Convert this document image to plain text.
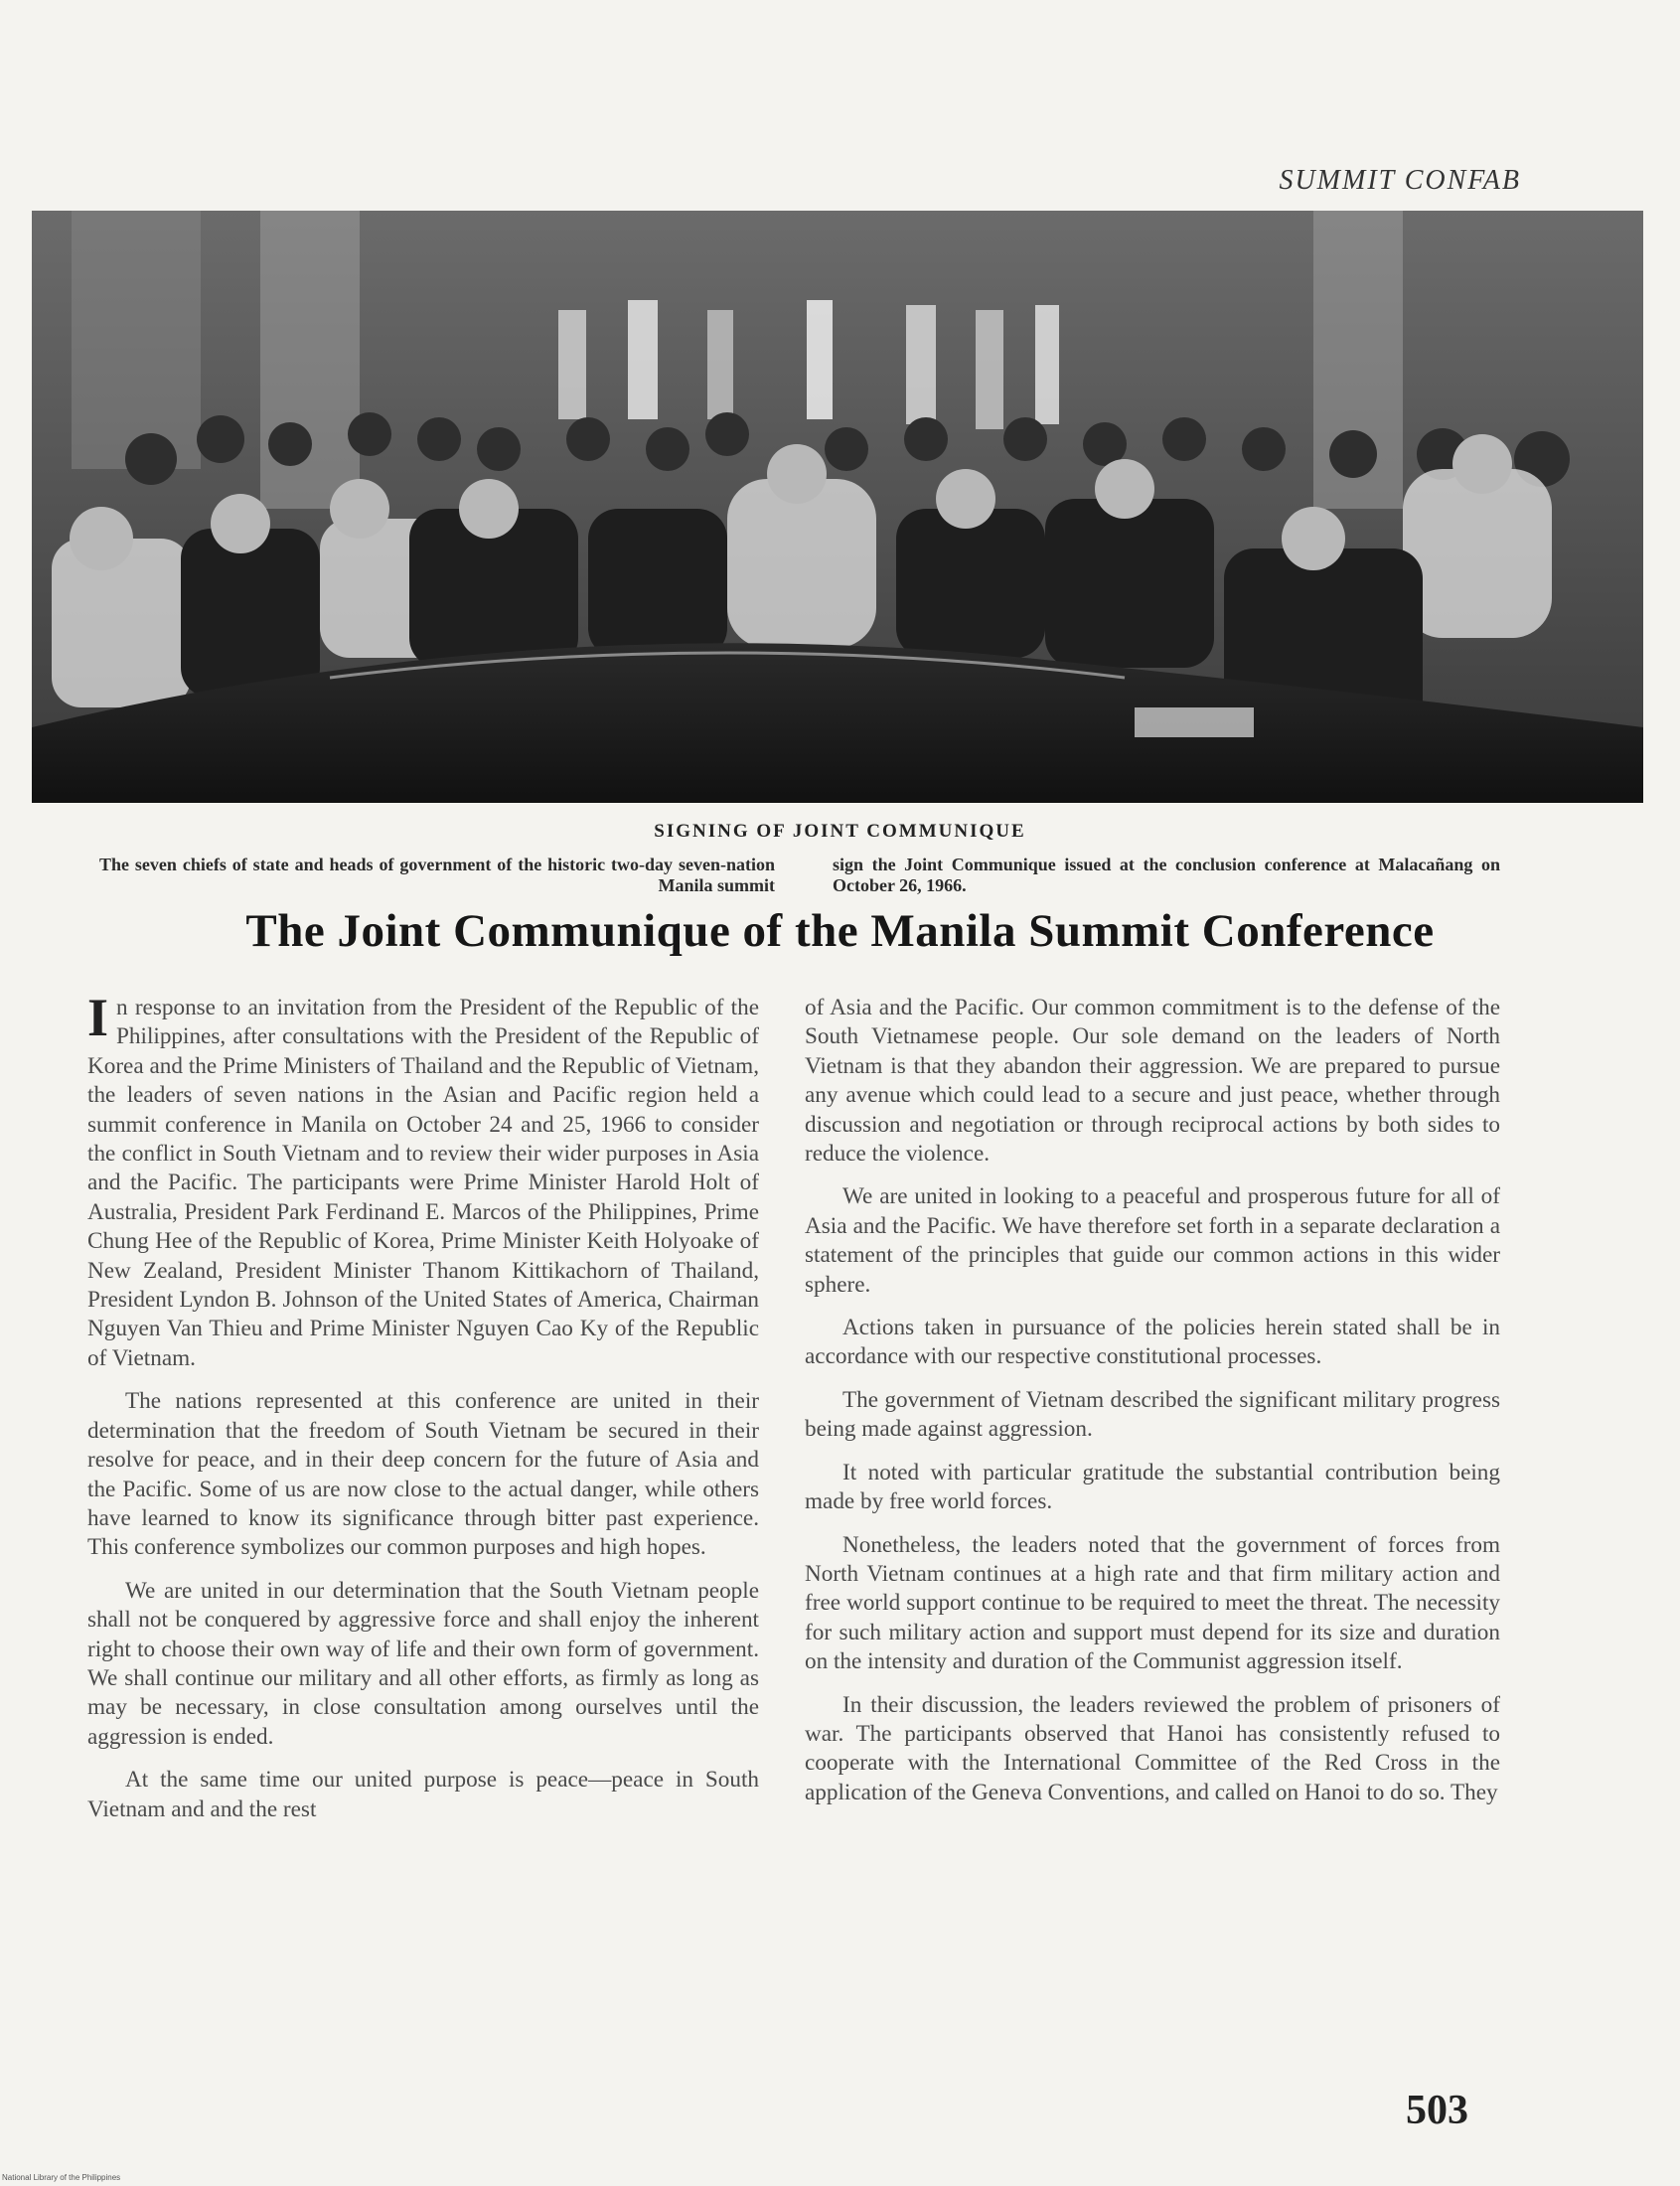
SUMMIT CONFAB
SIGNING OF JOINT COMMUNIQUE
The seven chiefs of state and heads of government of the historic two-day seven-nation Manila summit
sign the Joint Communique issued at the conclusion conference at Malacañang on October 26, 1966.
The Joint Communique of the Manila Summit Conference

In response to an invitation from the President of the Republic of the Philippines, after consultations with the President of the Republic of Korea and the Prime Ministers of Thailand and the Republic of Vietnam, the leaders of seven nations in the Asian and Pacific region held a summit conference in Manila on October 24 and 25, 1966 to consider the conflict in South Vietnam and to review their wider purposes in Asia and the Pacific. The participants were Prime Minister Harold Holt of Australia, President Park Ferdinand E. Marcos of the Philippines, Prime Chung Hee of the Republic of Korea, Prime Minister Keith Holyoake of New Zealand, President Minister Thanom Kittikachorn of Thailand, President Lyndon B. Johnson of the United States of America, Chairman Nguyen Van Thieu and Prime Minister Nguyen Cao Ky of the Republic of Vietnam.

The nations represented at this conference are united in their determination that the freedom of South Vietnam be secured in their resolve for peace, and in their deep concern for the future of Asia and the Pacific. Some of us are now close to the actual danger, while others have learned to know its significance through bitter past experience. This conference symbolizes our common purposes and high hopes.

We are united in our determination that the South Vietnam people shall not be conquered by aggressive force and shall enjoy the inherent right to choose their own way of life and their own form of government. We shall continue our military and all other efforts, as firmly as long as may be necessary, in close consultation among ourselves until the aggression is ended.

At the same time our united purpose is peace—peace in South Vietnam and and the rest

of Asia and the Pacific. Our common commitment is to the defense of the South Vietnamese people. Our sole demand on the leaders of North Vietnam is that they abandon their aggression. We are prepared to pursue any avenue which could lead to a secure and just peace, whether through discussion and negotiation or through reciprocal actions by both sides to reduce the violence.

We are united in looking to a peaceful and prosperous future for all of Asia and the Pacific. We have therefore set forth in a separate declaration a statement of the principles that guide our common actions in this wider sphere.

Actions taken in pursuance of the policies herein stated shall be in accordance with our respective constitutional processes.

The government of Vietnam described the significant military progress being made against aggression.

It noted with particular gratitude the substantial contribution being made by free world forces.

Nonetheless, the leaders noted that the government of forces from North Vietnam continues at a high rate and that firm military action and free world support continue to be required to meet the threat. The necessity for such military action and support must depend for its size and duration on the intensity and duration of the Communist aggression itself.

In their discussion, the leaders reviewed the problem of prisoners of war. The participants observed that Hanoi has consistently refused to cooperate with the International Committee of the Red Cross in the application of the Geneva Conventions, and called on Hanoi to do so. They

503
National Library of the Philippines
